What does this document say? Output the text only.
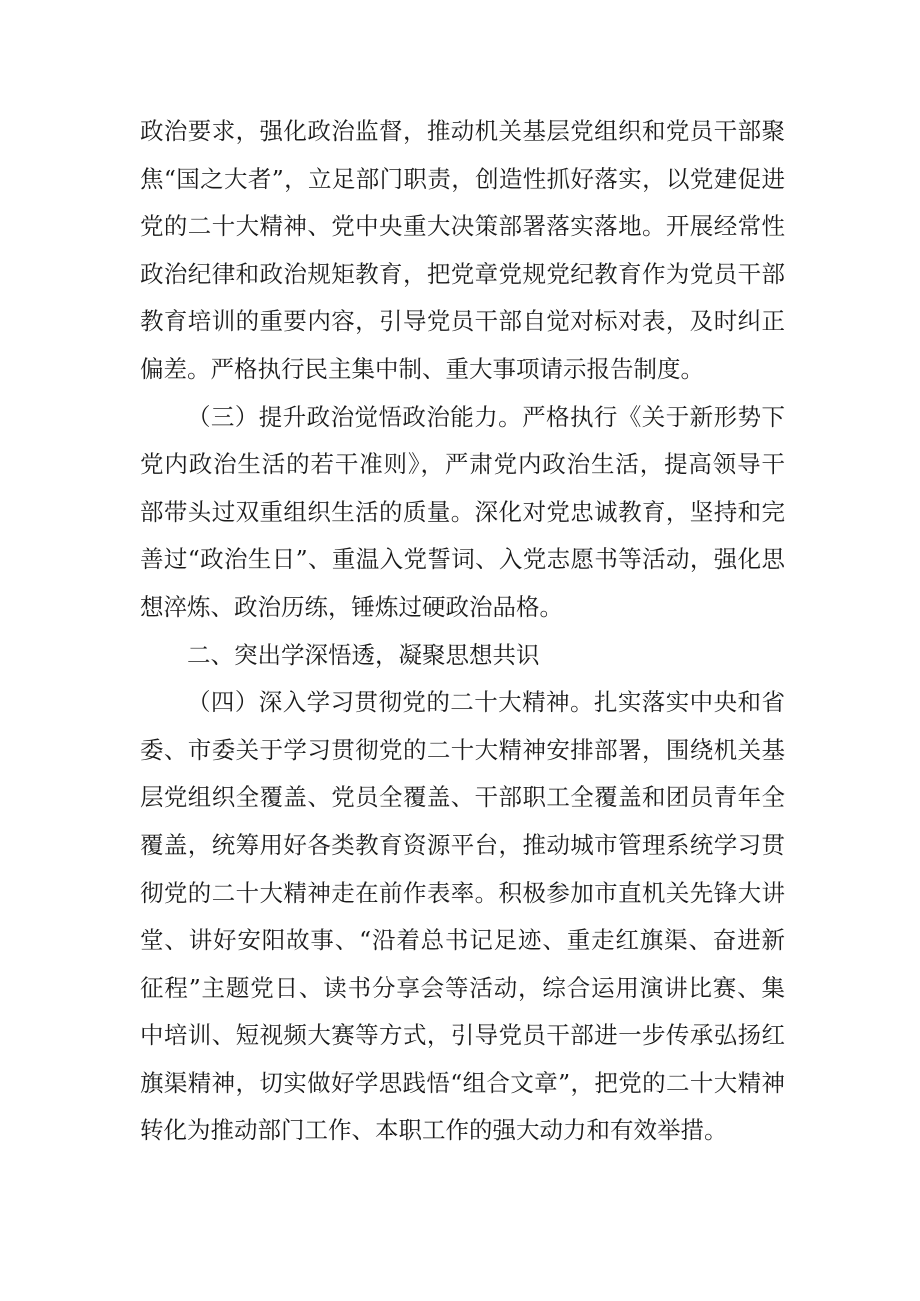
政治要求，强化政治监督，推动机关基层党组织和党员干部聚焦“国之大者”，立足部门职责，创造性抓好落实，以党建促进党的二十大精神、党中央重大决策部署落实落地。开展经常性政治纪律和政治规矩教育，把党章党规党纪教育作为党员干部教育培训的重要内容，引导党员干部自觉对标对表，及时纠正偏差。严格执行民主集中制、重大事项请示报告制度。

（三）提升政治觉悟政治能力。严格执行《关于新形势下党内政治生活的若干准则》，严肃党内政治生活，提高领导干部带头过双重组织生活的质量。深化对党忠诚教育，坚持和完善过“政治生日”、重温入党誓词、入党志愿书等活动，强化思想淬炼、政治历练，锤炼过硬政治品格。

二、突出学深悟透，凝聚思想共识

（四）深入学习贯彻党的二十大精神。扎实落实中央和省委、市委关于学习贯彻党的二十大精神安排部署，围绕机关基层党组织全覆盖、党员全覆盖、干部职工全覆盖和团员青年全覆盖，统筹用好各类教育资源平台，推动城市管理系统学习贯彻党的二十大精神走在前作表率。积极参加市直机关先锋大讲堂、讲好安阳故事、“沿着总书记足迹、重走红旗渠、奋进新征程”主题党日、读书分享会等活动，综合运用演讲比赛、集中培训、短视频大赛等方式，引导党员干部进一步传承弘扬红旗渠精神，切实做好学思践悟“组合文章”，把党的二十大精神转化为推动部门工作、本职工作的强大动力和有效举措。
